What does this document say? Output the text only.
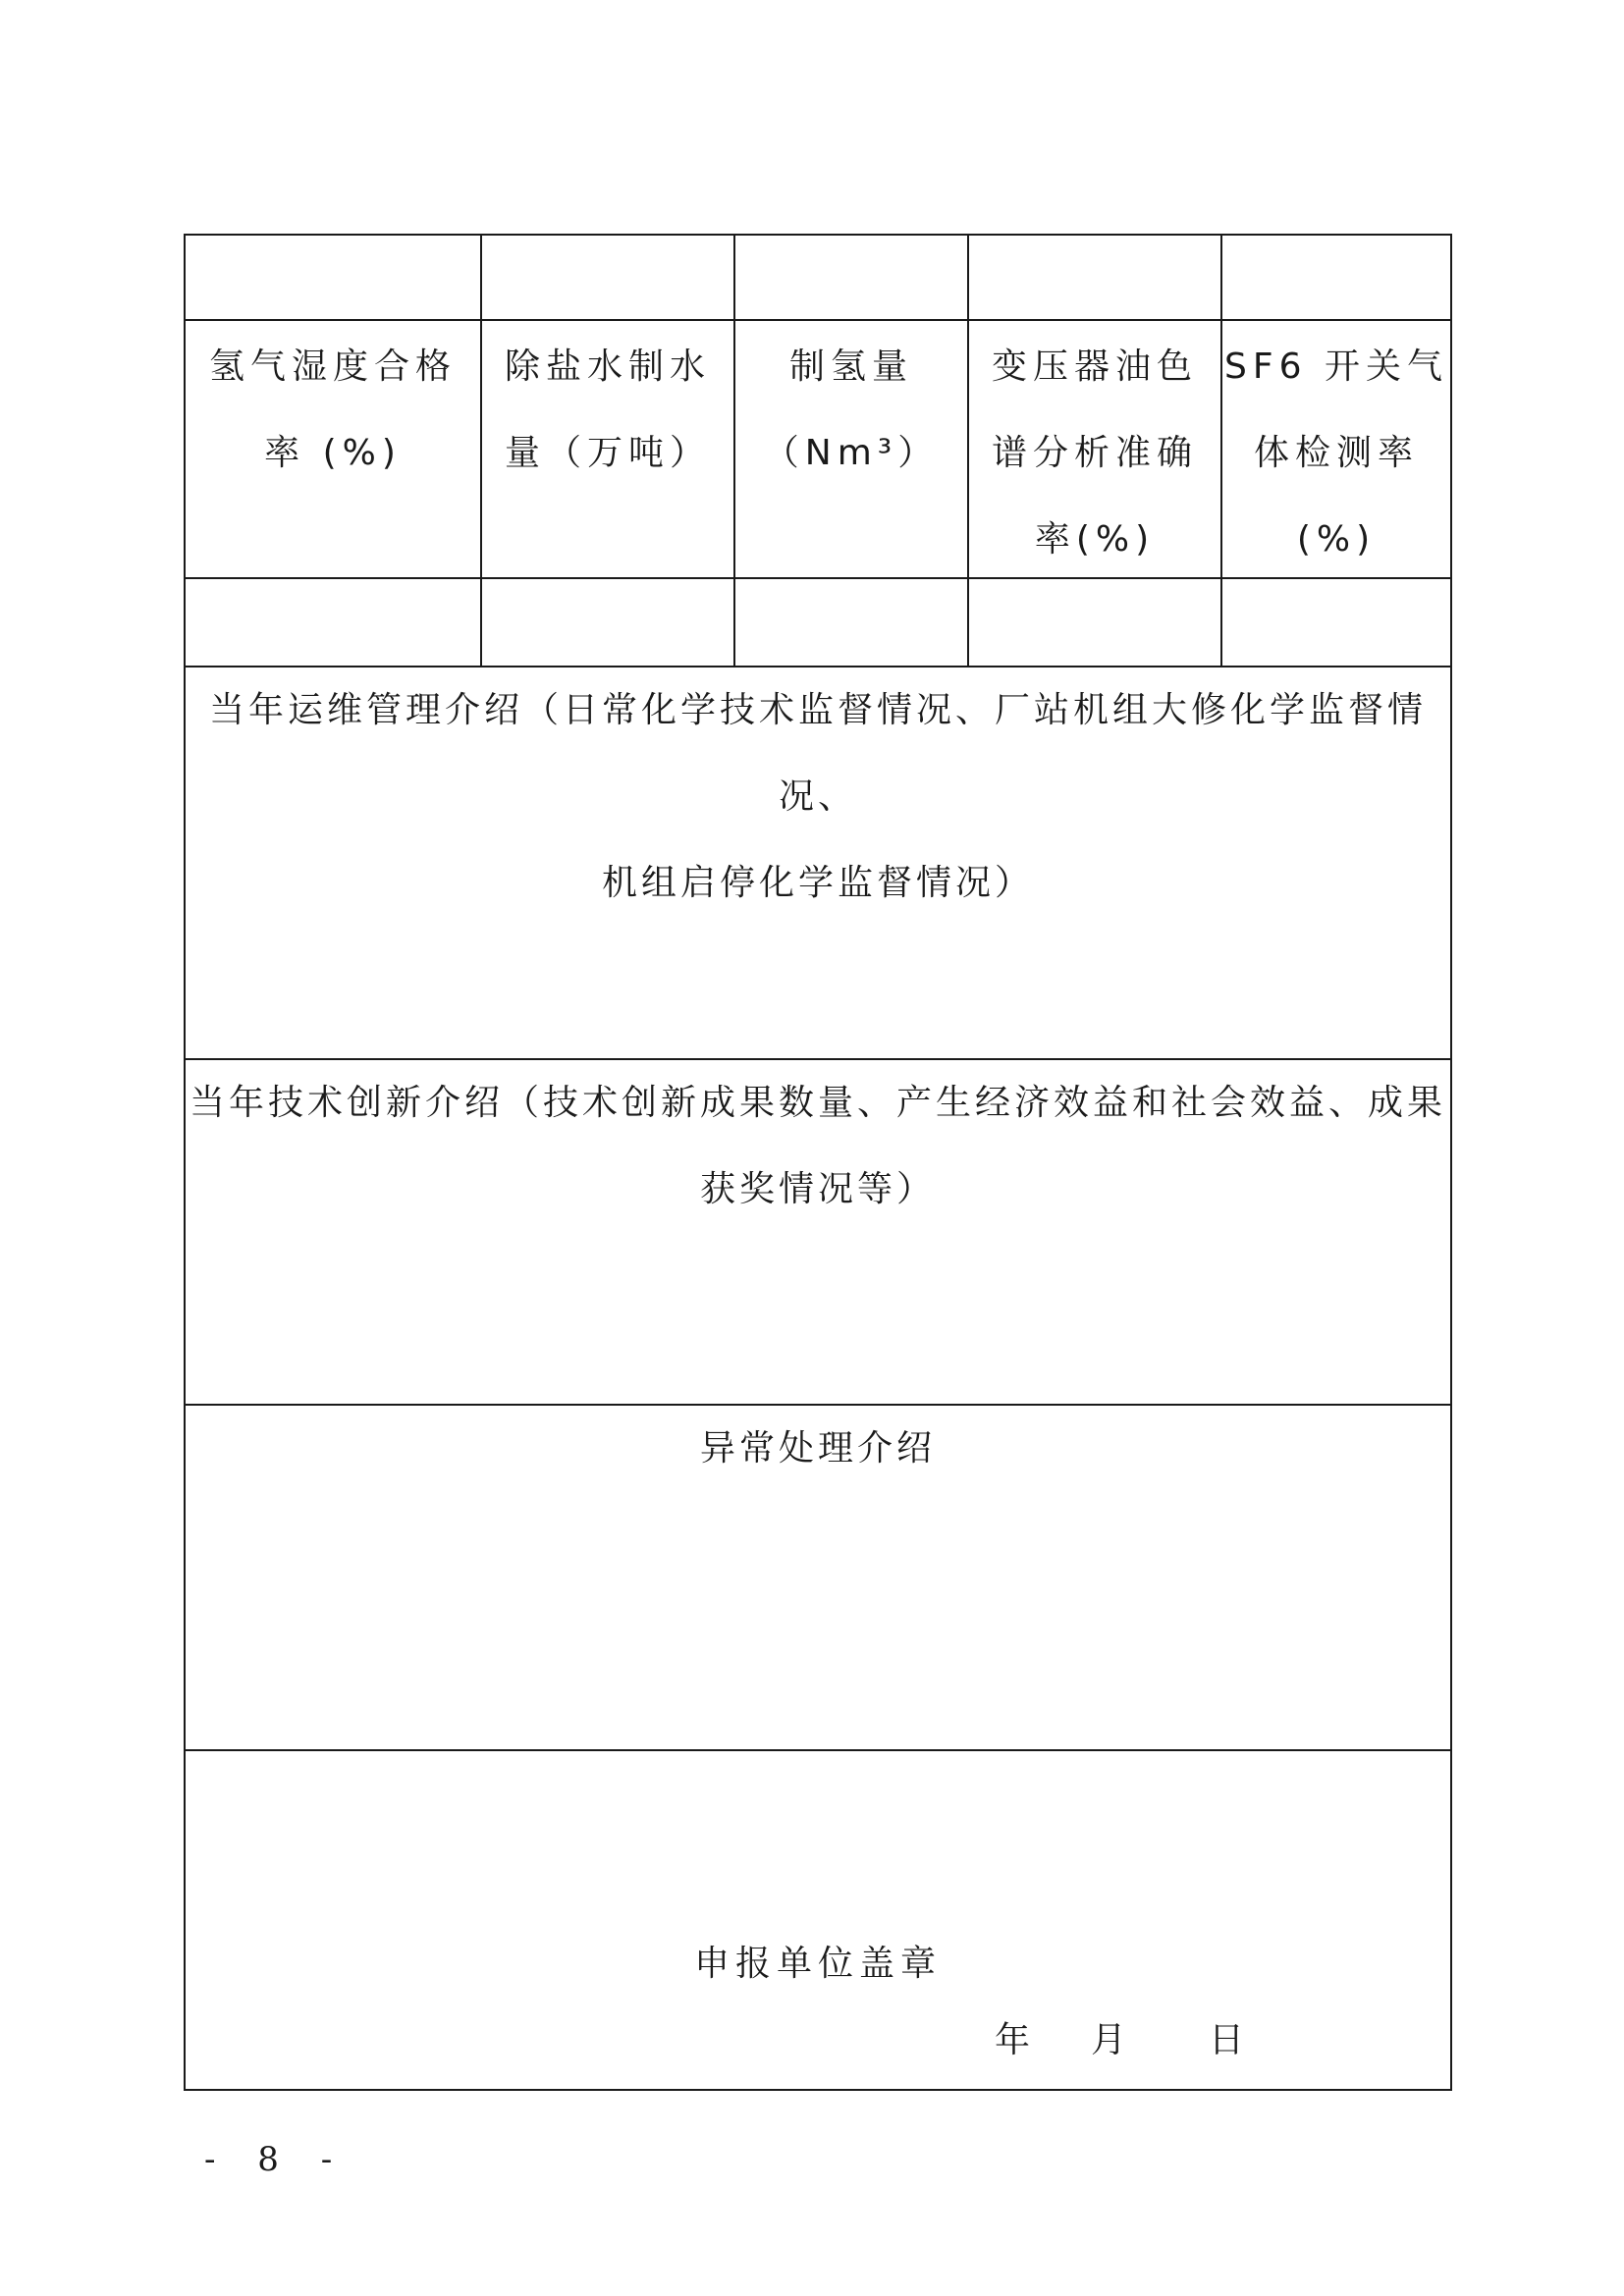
氢气湿度合格
率 (%)
除盐水制水
量（万吨）
制氢量
（Nm³）
变压器油色
谱分析准确
率(%)
SF6 开关气
体检测率
(%)
当年运维管理介绍（日常化学技术监督情况、厂站机组大修化学监督情况、
机组启停化学监督情况）
当年技术创新介绍（技术创新成果数量、产生经济效益和社会效益、成果
获奖情况等）
异常处理介绍
申报单位盖章
年 月 日
- 8 -
